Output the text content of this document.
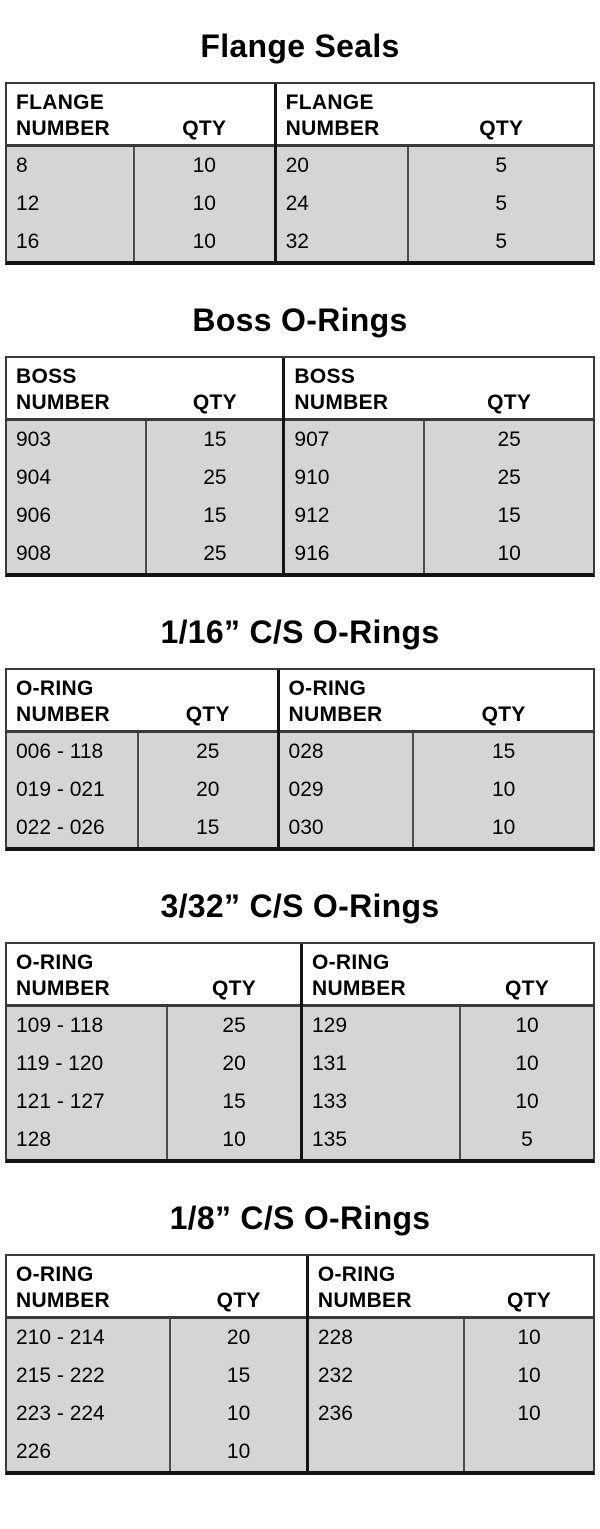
Flange Seals
FLANGE
NUMBER	QTY
8	10
12	10
16	10
FLANGE
NUMBER	QTY
20	5
24	5
32	5
Boss O-Rings
BOSS
NUMBER	QTY
903	15
904	25
906	15
908	25
BOSS
NUMBER	QTY
907	25
910	25
912	15
916	10
1/16” C/S O-Rings
O-RING
NUMBER	QTY
006 - 118	25
019 - 021	20
022 - 026	15
O-RING
NUMBER	QTY
028	15
029	10
030	10
3/32” C/S O-Rings
O-RING
NUMBER	QTY
109 - 118	25
119 - 120	20
121 - 127	15
128	10
O-RING
NUMBER	QTY
129	10
131	10
133	10
135	5
1/8” C/S O-Rings
O-RING
NUMBER	QTY
210 - 214	20
215 - 222	15
223 - 224	10
226	10
O-RING
NUMBER	QTY
228	10
232	10
236	10
